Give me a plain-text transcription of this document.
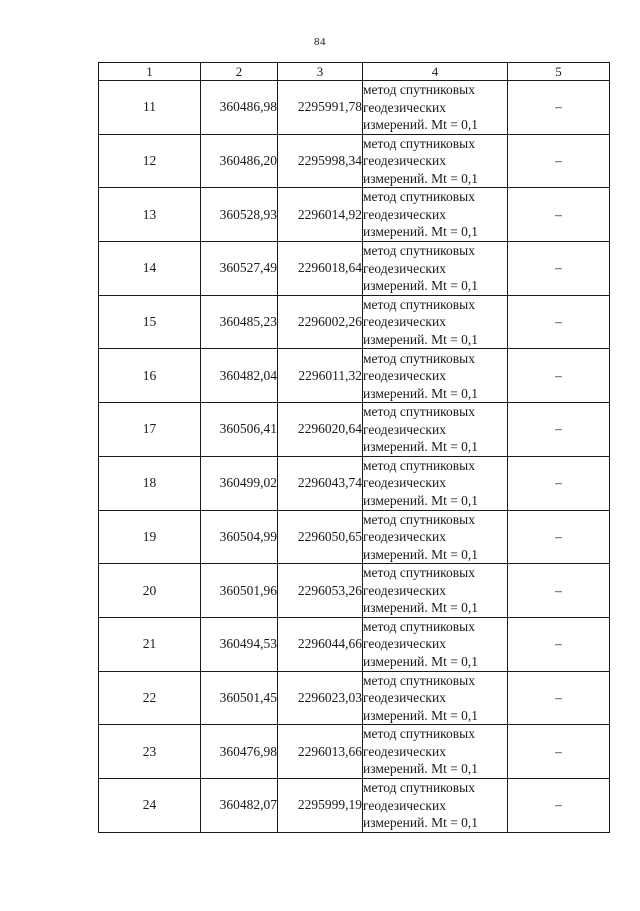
84
1	2	3	4	5
11	360486,98	2295991,78	метод спутниковых
геодезических
измерений. Mt = 0,1	–
12	360486,20	2295998,34	метод спутниковых
геодезических
измерений. Mt = 0,1	–
13	360528,93	2296014,92	метод спутниковых
геодезических
измерений. Mt = 0,1	–
14	360527,49	2296018,64	метод спутниковых
геодезических
измерений. Mt = 0,1	–
15	360485,23	2296002,26	метод спутниковых
геодезических
измерений. Mt = 0,1	–
16	360482,04	2296011,32	метод спутниковых
геодезических
измерений. Mt = 0,1	–
17	360506,41	2296020,64	метод спутниковых
геодезических
измерений. Mt = 0,1	–
18	360499,02	2296043,74	метод спутниковых
геодезических
измерений. Mt = 0,1	–
19	360504,99	2296050,65	метод спутниковых
геодезических
измерений. Mt = 0,1	–
20	360501,96	2296053,26	метод спутниковых
геодезических
измерений. Mt = 0,1	–
21	360494,53	2296044,66	метод спутниковых
геодезических
измерений. Mt = 0,1	–
22	360501,45	2296023,03	метод спутниковых
геодезических
измерений. Mt = 0,1	–
23	360476,98	2296013,66	метод спутниковых
геодезических
измерений. Mt = 0,1	–
24	360482,07	2295999,19	метод спутниковых
геодезических
измерений. Mt = 0,1	–
